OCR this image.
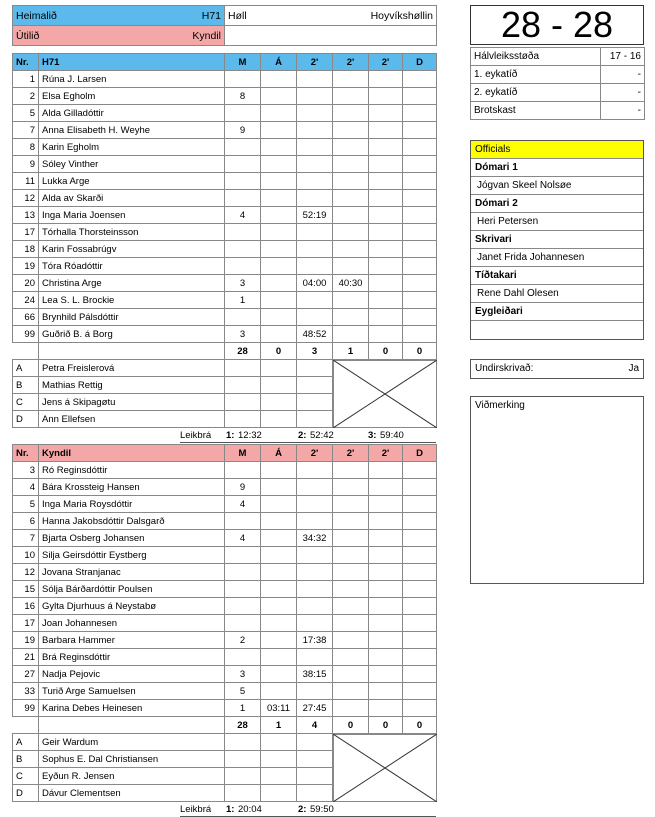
Heimalið H71	Høll Hoyvíkshøllin

Útilið Kyndil	

Nr.	H71	M	Á	2'	2'	2'	D
1	Rúna J. Larsen						
2	Elsa Egholm	8					
5	Alda Gilladóttir						
7	Anna Elisabeth H. Weyhe	9					
8	Karin Egholm						
9	Sóley Vinther						
11	Lukka Arge						
12	Alda av Skarði						
13	Inga Maria Joensen	4		52:19			
17	Tórhalla Thorsteinsson						
18	Karin Fossabrúgv						
19	Tóra Róadóttir						
20	Christina Arge	3		04:00	40:30		
24	Lea S. L. Brockie	1					
66	Brynhild Pálsdóttir						
99	Guðrið B. á Borg	3		48:52			
		28	0	3	1	0	0
A	Petra Freislerová						
B	Mathias Rettig						
C	Jens á Skipagøtu						
D	Ann Ellefsen						
Nr.	Kyndil	M	Á	2'	2'	2'	D
3	Ró Reginsdóttir						
4	Bára Krossteig Hansen	9					
5	Inga Maria Roysdóttir	4					
6	Hanna Jakobsdóttir Dalsgarð						
7	Bjarta Osberg Johansen	4		34:32			
10	Silja Geirsdóttir Eystberg						
12	Jovana Stranjanac						
15	Sólja Bárðardóttir Poulsen						
16	Gylta Djurhuus á Neystabø						
17	Joan Johannesen						
19	Barbara Hammer	2		17:38			
21	Brá Reginsdóttir						
27	Nadja Pejovic	3		38:15			
33	Turið Arge Samuelsen	5					
99	Karina Debes Heinesen	1	03:11	27:45			
		28	1	4	0	0	0
A	Geir Wardum						
B	Sophus E. Dal Christiansen						
C	Eyðun R. Jensen						
D	Dávur Clementsen						
28 - 28
Hálvleiksstøða	17 - 16
1. eykatíð	-
2. eykatíð	-
Brotskast	-
Officials
Dómari 1
Jógvan Skeel Nolsøe
Dómari 2
Heri Petersen
Skrivari
Janet Frida Johannesen
Tíðtakari
Rene Dahl Olesen
Eygleiðari
Undirskrivað:	Ja
Viðmerking
Leikbrá 1: 12:32	2: 52:42	3: 59:40
Leikbrá 1: 20:04	2: 59:50
